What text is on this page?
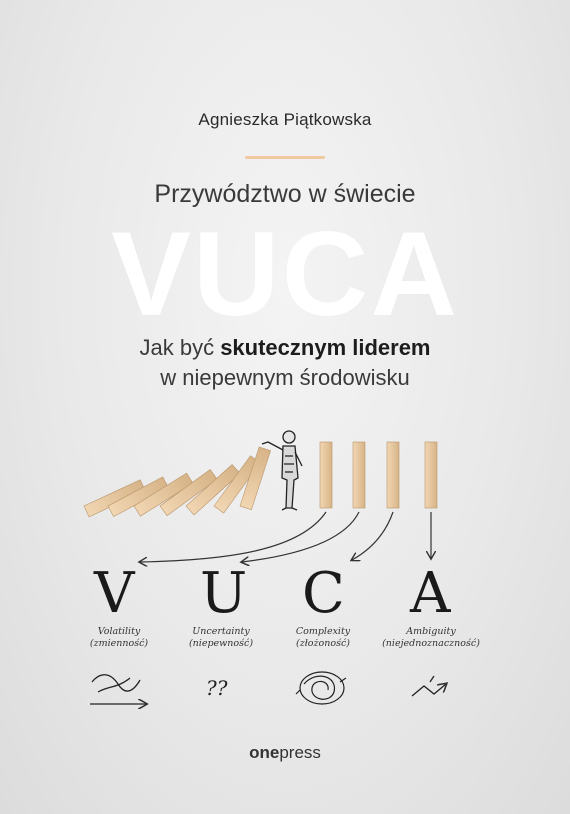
Agnieszka Piątkowska
Przywództwo w świecie
VUCA
Jak być skutecznym liderem
w niepewnym środowisku
V U C A
Volatility
(zmienność)
Uncertainty
(niepewność)
Complexity
(złożoność)
Ambiguity
(niejednoznaczność)
??
onepress
